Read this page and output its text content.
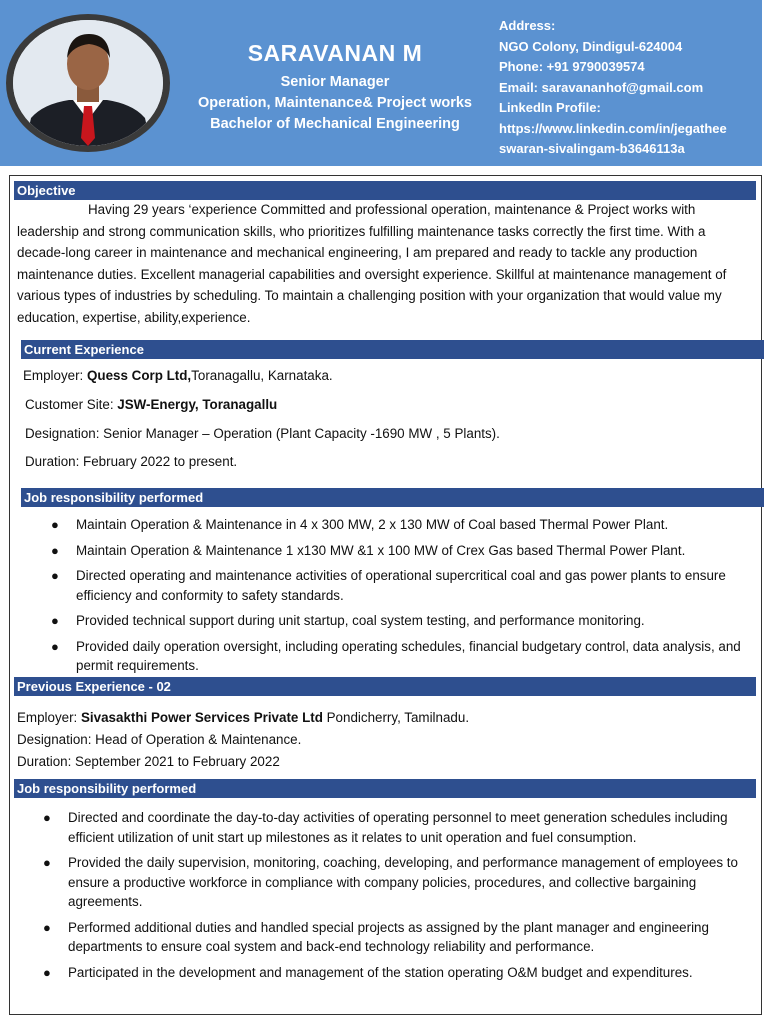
SARAVANAN M
Senior Manager
Operation, Maintenance& Project works
Bachelor of Mechanical Engineering
Address:
NGO Colony, Dindigul-624004
Phone: +91 9790039574
Email: saravananhof@gmail.com
LinkedIn Profile:
https://www.linkedin.com/in/jegathee
swaran-sivalingam-b3646113a
Objective
Having 29 years ‘experience Committed and professional operation, maintenance & Project works with leadership and strong communication skills, who prioritizes fulfilling maintenance tasks correctly the first time. With a decade-long career in maintenance and mechanical engineering, I am prepared and ready to tackle any production maintenance duties. Excellent managerial capabilities and oversight experience. Skillful at maintenance management of various types of industries by scheduling. To maintain a challenging position with your organization that would value my education, expertise, ability,experience.
Current Experience
Employer: Quess Corp Ltd,Toranagallu, Karnataka.
Customer Site: JSW-Energy, Toranagallu
Designation: Senior Manager – Operation (Plant Capacity -1690 MW , 5 Plants).
Duration: February 2022 to present.
Job responsibility performed
● Maintain Operation & Maintenance in 4 x 300 MW, 2 x 130 MW of Coal based Thermal Power Plant.
● Maintain Operation & Maintenance 1 x130 MW &1 x 100 MW of Crex Gas based Thermal Power Plant.
● Directed operating and maintenance activities of operational supercritical coal and gas power plants to ensure efficiency and conformity to safety standards.
● Provided technical support during unit startup, coal system testing, and performance monitoring.
● Provided daily operation oversight, including operating schedules, financial budgetary control, data analysis, and permit requirements.
Previous Experience - 02
Employer: Sivasakthi Power Services Private Ltd Pondicherry, Tamilnadu.
Designation: Head of Operation & Maintenance.
Duration: September 2021 to February 2022
Job responsibility performed
● Directed and coordinate the day-to-day activities of operating personnel to meet generation schedules including efficient utilization of unit start up milestones as it relates to unit operation and fuel consumption.
● Provided the daily supervision, monitoring, coaching, developing, and performance management of employees to ensure a productive workforce in compliance with company policies, procedures, and collective bargaining agreements.
● Performed additional duties and handled special projects as assigned by the plant manager and engineering departments to ensure coal system and back-end technology reliability and performance.
● Participated in the development and management of the station operating O&M budget and expenditures.
